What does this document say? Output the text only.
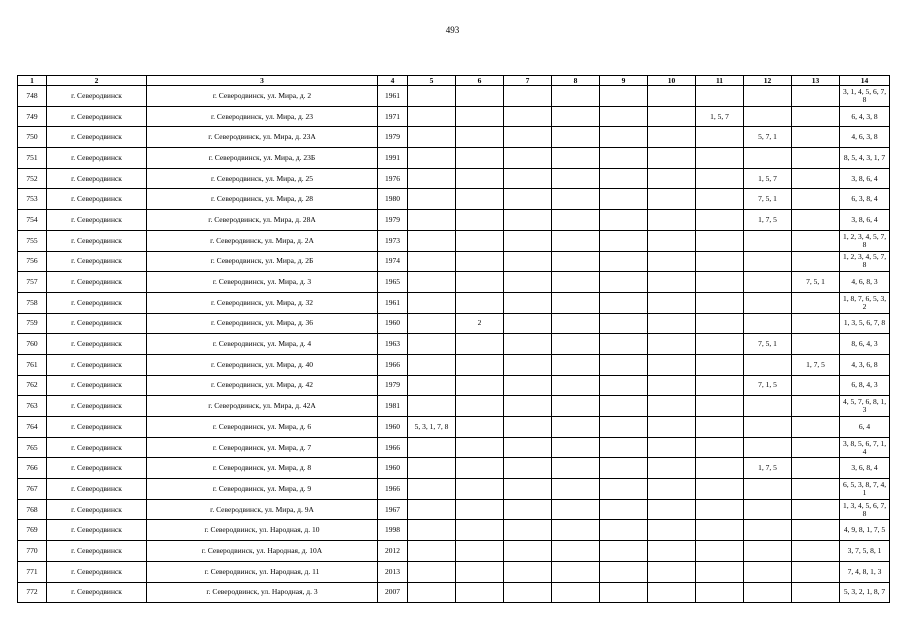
493
1	2	3	4	5	6	7	8	9	10	11	12	13	14
748	г. Северодвинск	г. Северодвинск, ул. Мира, д. 2	1961										3, 1, 4, 5, 6, 7, 8
749	г. Северодвинск	г. Северодвинск, ул. Мира, д. 23	1971							1, 5, 7			6, 4, 3, 8
750	г. Северодвинск	г. Северодвинск, ул. Мира, д. 23А	1979								5, 7, 1		4, 6, 3, 8
751	г. Северодвинск	г. Северодвинск, ул. Мира, д. 23Б	1991										8, 5, 4, 3, 1, 7
752	г. Северодвинск	г. Северодвинск, ул. Мира, д. 25	1976								1, 5, 7		3, 8, 6, 4
753	г. Северодвинск	г. Северодвинск, ул. Мира, д. 28	1980								7, 5, 1		6, 3, 8, 4
754	г. Северодвинск	г. Северодвинск, ул. Мира, д. 28А	1979								1, 7, 5		3, 8, 6, 4
755	г. Северодвинск	г. Северодвинск, ул. Мира, д. 2А	1973										1, 2, 3, 4, 5, 7, 8
756	г. Северодвинск	г. Северодвинск, ул. Мира, д. 2Б	1974										1, 2, 3, 4, 5, 7, 8
757	г. Северодвинск	г. Северодвинск, ул. Мира, д. 3	1965									7, 5, 1	4, 6, 8, 3
758	г. Северодвинск	г. Северодвинск, ул. Мира, д. 32	1961										1, 8, 7, 6, 5, 3, 2
759	г. Северодвинск	г. Северодвинск, ул. Мира, д. 36	1960		2								1, 3, 5, 6, 7, 8
760	г. Северодвинск	г. Северодвинск, ул. Мира, д. 4	1963								7, 5, 1		8, 6, 4, 3
761	г. Северодвинск	г. Северодвинск, ул. Мира, д. 40	1966									1, 7, 5	4, 3, 6, 8
762	г. Северодвинск	г. Северодвинск, ул. Мира, д. 42	1979								7, 1, 5		6, 8, 4, 3
763	г. Северодвинск	г. Северодвинск, ул. Мира, д. 42А	1981										4, 5, 7, 6, 8, 1, 3
764	г. Северодвинск	г. Северодвинск, ул. Мира, д. 6	1960	5, 3, 1, 7, 8									6, 4
765	г. Северодвинск	г. Северодвинск, ул. Мира, д. 7	1966										3, 8, 5, 6, 7, 1, 4
766	г. Северодвинск	г. Северодвинск, ул. Мира, д. 8	1960								1, 7, 5		3, 6, 8, 4
767	г. Северодвинск	г. Северодвинск, ул. Мира, д. 9	1966										6, 5, 3, 8, 7, 4, 1
768	г. Северодвинск	г. Северодвинск, ул. Мира, д. 9А	1967										1, 3, 4, 5, 6, 7, 8
769	г. Северодвинск	г. Северодвинск, ул. Народная, д. 10	1998										4, 9, 8, 1, 7, 5
770	г. Северодвинск	г. Северодвинск, ул. Народная, д. 10А	2012										3, 7, 5, 8, 1
771	г. Северодвинск	г. Северодвинск, ул. Народная, д. 11	2013										7, 4, 8, 1, 3
772	г. Северодвинск	г. Северодвинск, ул. Народная, д. 3	2007										5, 3, 2, 1, 8, 7
